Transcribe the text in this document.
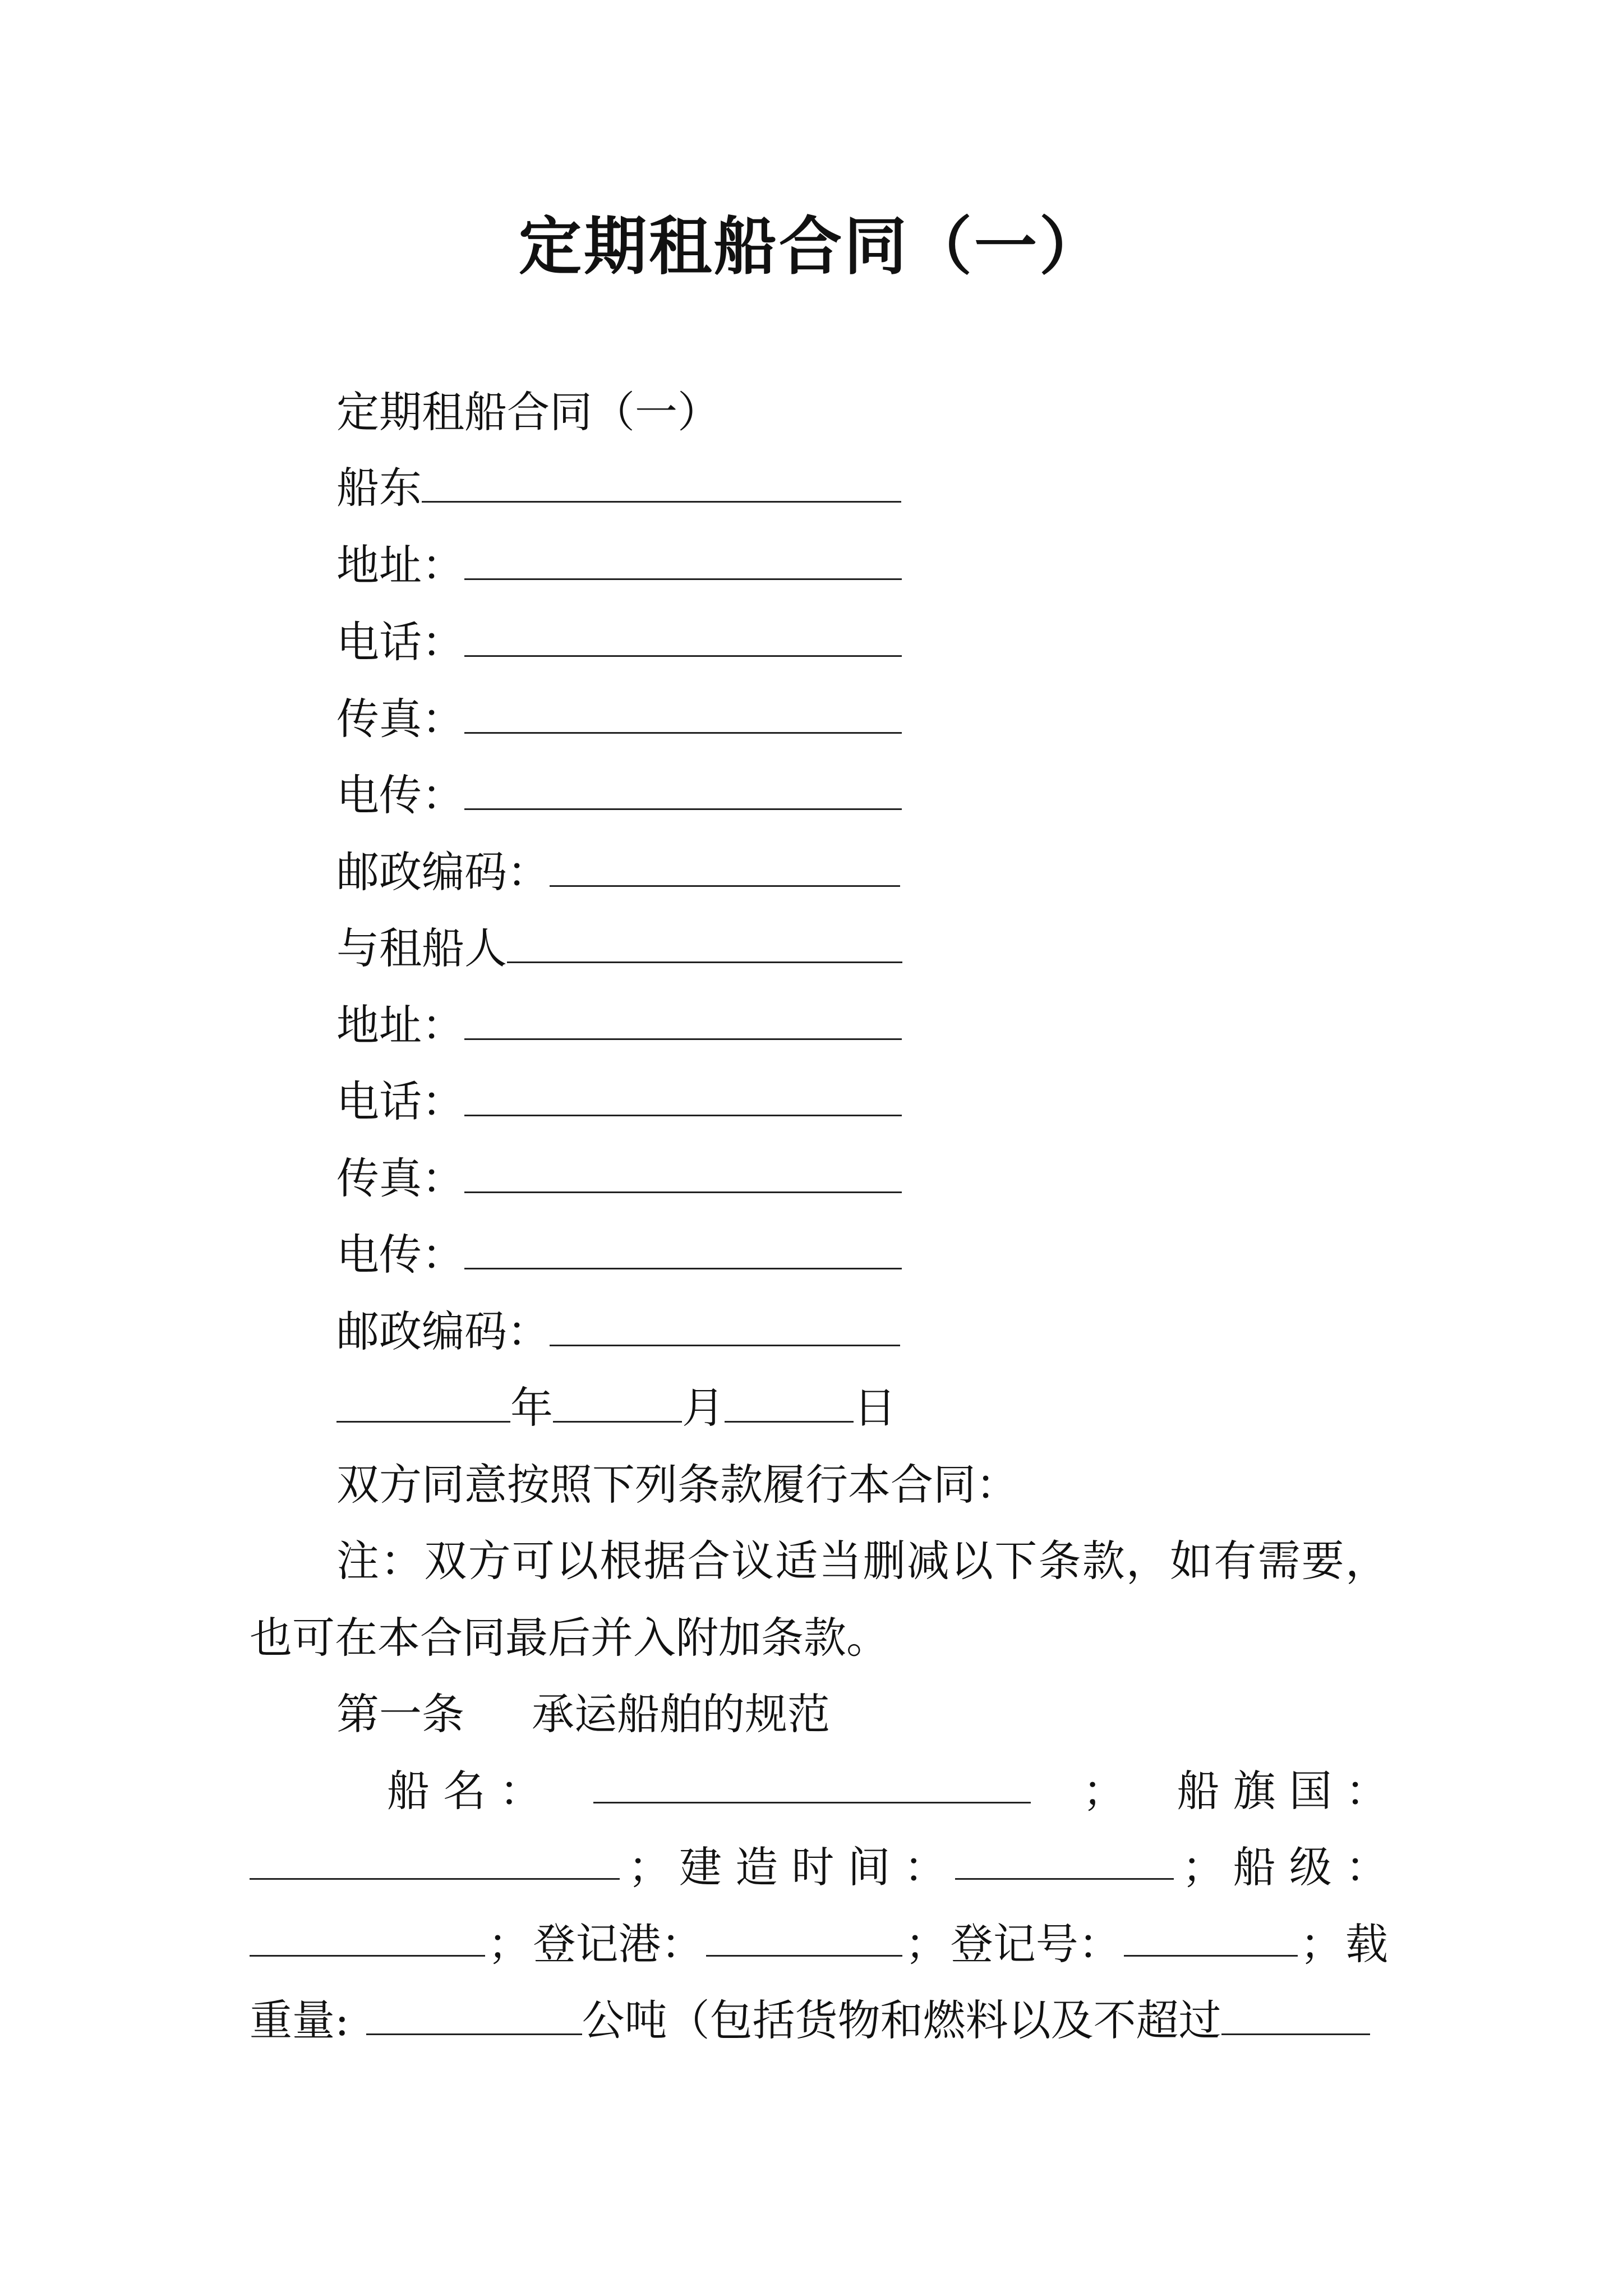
定期租船合同（一）
定期租船合同（一）
船东
地址：
电话：
传真：
电传：
邮政编码：
与租船人
地址：
电话：
传真：
电传：
邮政编码：
年	月	日
双方同意按照下列条款履行本合同：
注：双方可以根据合议适当删减以下条款，如有需要，
也可在本合同最后并入附加条款。
第一条 承运船舶的规范
船 名 ：	； 船 旗 国 ：
； 建 造 时 间 ：	； 船 级 ：
； 登记港：	； 登记号：	； 载
重量:	公吨（包括货物和燃料以及不超过
